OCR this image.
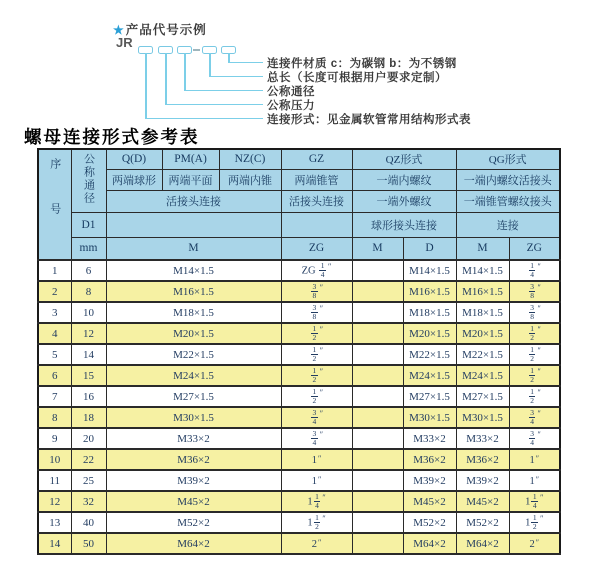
★产品代号示例
JR
连接件材质 c：为碳钢 b：为不锈钢
总长（长度可根据用户要求定制）
公称通径
公称压力
连接形式：见金属软管常用结构形式表
螺母连接形式参考表
序号	公称通径	Q(D)	PM(A)	NZ(C)	GZ	QZ形式		QG形式	
		两端球形	两端平面	两端内锥	两端锥管	一端内螺纹		一端内螺纹活接头	
		活接头连接			活接头连接	一端外螺纹		一端锥管螺纹接头	
	D1					球形接头连接		连接	
	mm	M			ZG	M	D	M	ZG
1	6	M14×1.5			ZG $\frac{1}{4} ''$		M14×1.5	M14×1.5	$\frac{1}{4} ''$
2	8	M16×1.5			$\frac{3}{8} ''$		M16×1.5	M16×1.5	$\frac{3}{8} ''$
3	10	M18×1.5			$\frac{3}{8} ''$		M18×1.5	M18×1.5	$\frac{3}{8} ''$
4	12	M20×1.5			$\frac{1}{2} ''$		M20×1.5	M20×1.5	$\frac{1}{2} ''$
5	14	M22×1.5			$\frac{1}{2} ''$		M22×1.5	M22×1.5	$\frac{1}{2} ''$
6	15	M24×1.5			$\frac{1}{2} ''$		M24×1.5	M24×1.5	$\frac{1}{2} ''$
7	16	M27×1.5			$\frac{1}{2} ''$		M27×1.5	M27×1.5	$\frac{1}{2} ''$
8	18	M30×1.5			$\frac{3}{4} ''$		M30×1.5	M30×1.5	$\frac{3}{4} ''$
9	20	M33×2			$\frac{3}{4} ''$		M33×2	M33×2	$\frac{3}{4} ''$
10	22	M36×2			1″		M36×2	M36×2	1″
11	25	M39×2			1″		M39×2	M39×2	1″
12	32	M45×2			$1 \frac{1}{4} ''$		M45×2	M45×2	$1 \frac{1}{4} ''$
13	40	M52×2			$1 \frac{1}{2} ''$		M52×2	M52×2	$1 \frac{1}{2} ''$
14	50	M64×2			2″		M64×2	M64×2	2″
